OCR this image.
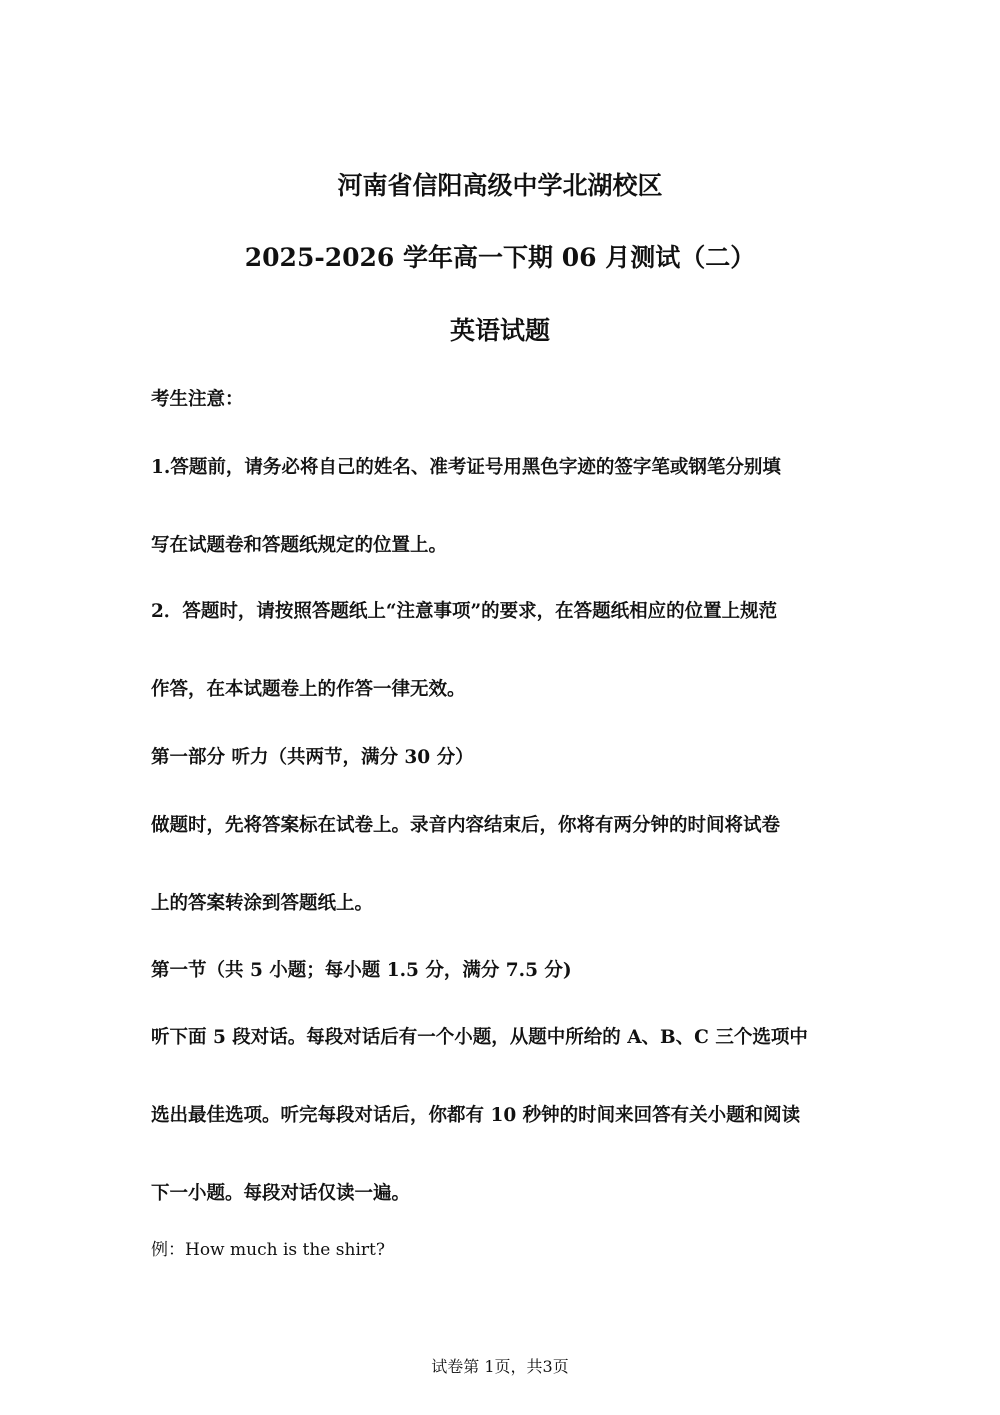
河南省信阳高级中学北湖校区
2025-2026 学年高一下期 06 月测试（二）
英语试题
考生注意：
1.答题前，请务必将自己的姓名、准考证号用黑色字迹的签字笔或钢笔分别填
写在试题卷和答题纸规定的位置上。
2．答题时，请按照答题纸上“注意事项”的要求，在答题纸相应的位置上规范
作答，在本试题卷上的作答一律无效。
第一部分 听力（共两节，满分 30 分）
做题时，先将答案标在试卷上。录音内容结束后，你将有两分钟的时间将试卷
上的答案转涂到答题纸上。
第一节（共 5 小题；每小题 1.5 分，满分 7.5 分)
听下面 5 段对话。每段对话后有一个小题，从题中所给的 A、B、C 三个选项中
选出最佳选项。听完每段对话后，你都有 10 秒钟的时间来回答有关小题和阅读
下一小题。每段对话仅读一遍。
例：How much is the shirt?
试卷第 1页，共3页
